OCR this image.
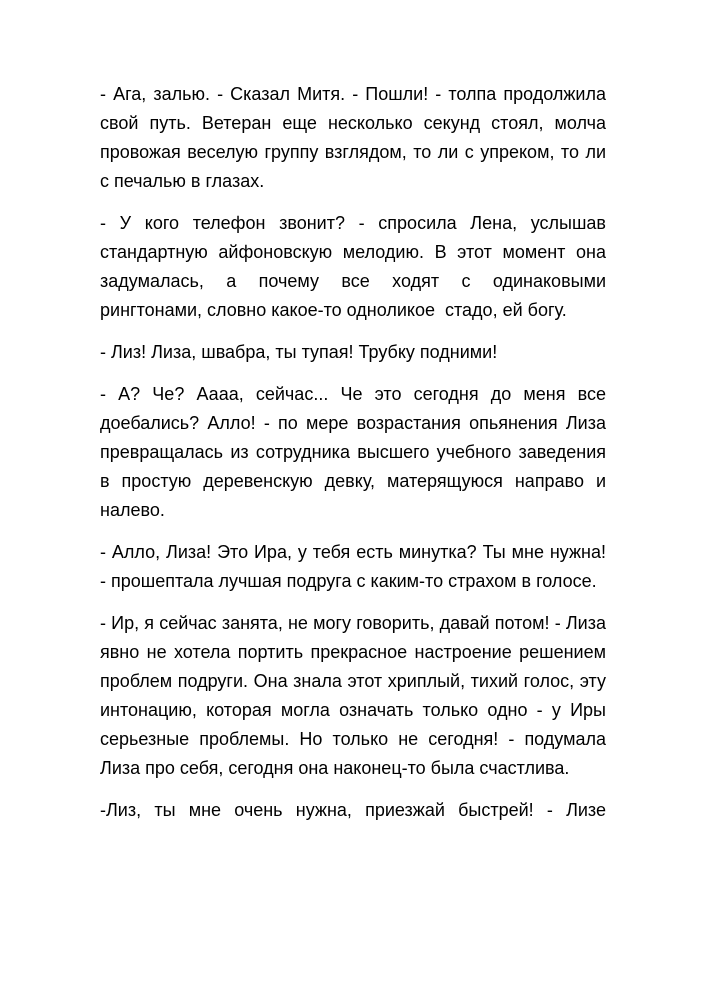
- Ага, залью. - Сказал Митя. - Пошли! - толпа продолжила свой путь. Ветеран еще несколько секунд стоял, молча провожая веселую группу взглядом, то ли с упреком, то ли с печалью в глазах.

- У кого телефон звонит? - спросила Лена, услышав стандартную айфоновскую мелодию. В этот момент она задумалась, а почему все ходят с одинаковыми рингтонами, словно какое-то одноликое  стадо, ей богу.

- Лиз! Лиза, швабра, ты тупая! Трубку подними!

- А? Че? Аааа, сейчас... Че это сегодня до меня все доебались? Алло! - по мере возрастания опьянения Лиза превращалась из сотрудника высшего учебного заведения в простую деревенскую девку, матерящуюся направо и налево.

- Алло, Лиза! Это Ира, у тебя есть минутка? Ты мне нужна! - прошептала лучшая подруга с каким-то страхом в голосе.

- Ир, я сейчас занята, не могу говорить, давай потом! - Лиза явно не хотела портить прекрасное настроение решением проблем подруги. Она знала этот хриплый, тихий голос, эту интонацию, которая могла означать только одно - у Иры серьезные проблемы. Но только не сегодня! - подумала Лиза про себя, сегодня она наконец-то была счастлива.

-Лиз, ты мне очень нужна, приезжай быстрей! - Лизе
